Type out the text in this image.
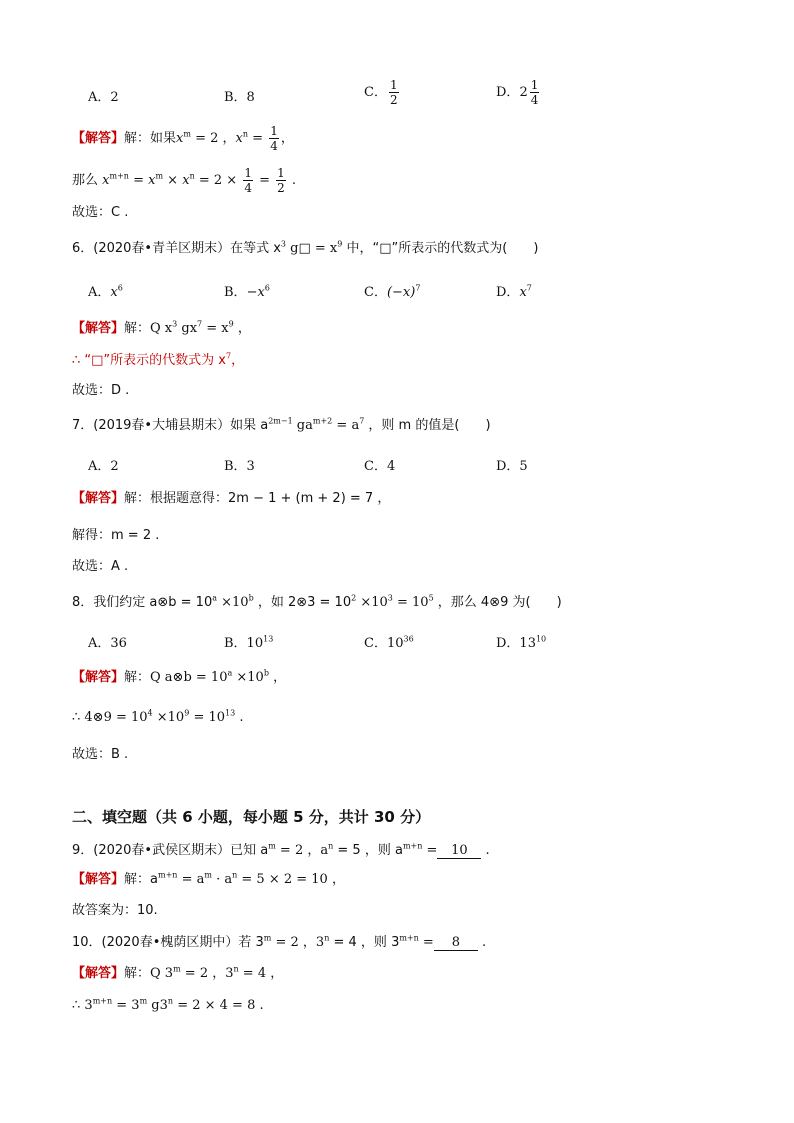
A．2	B．8	C． $\frac{1}{2}$	D．$2 \frac{1}{4}$
【解答】解：如果$x^m = 2$ ，$x^n = \frac{1}{4}$ ，
那么 $x^{m+n} = x^m \times x^n = 2 \times \frac{1}{4} = \frac{1}{2}$ .
故选：C .
6．(2020春•青羊区期末）在等式 $x^3$ g□ = $x^9$ 中，“□”所表示的代数式为( )
A．$x^6$	B．$-x^6$	C．$(-x)^7$	D．$x^7$
【解答】解：Q $x^3$ $gx^7 = x^9$ ，
∴ “□”所表示的代数式为 $x^7$，
故选：D .
7．(2019春•大埔县期末）如果 $a^{2m-1}$ $ga^{m+2} = a^7$ ，则 m 的值是( )
A．2	B．3	C．4	D．5
【解答】解：根据题意得：2m − 1 + (m + 2) = 7 ，
解得：m = 2 .
故选：A .
8．我们约定 a⊗b = $10^a \times 10^b$ ，如 2⊗3 = $10^2 \times 10^3 = 10^5$ ，那么 4⊗9 为( )
A．36	B．$10^{13}$	C．$10^{36}$	D．$13^{10}$
【解答】解：Q a⊗b = $10^a \times 10^b$ ，
∴ 4⊗9 = $10^4 \times 10^9 = 10^{13}$ .
故选：B .
二、填空题（共 6 小题，每小题 5 分，共计 30 分）
9．(2020春•武侯区期末）已知 $a^m = 2$ ，$a^n = 5$ ，则 $a^{m+n} = 10$ .
【解答】解：$a^{m+n} = a^m \cdot a^n = 5 \times 2 = 10$ ，
故答案为：10.
10．(2020春•槐荫区期中）若 $3^m = 2$ ，$3^n = 4$ ，则 $3^{m+n} = 8$ .
【解答】解：Q $3^m = 2$ ，$3^n = 4$ ，
∴ $3^{m+n} = 3^m$ $g3^n = 2 \times 4 = 8$ .
